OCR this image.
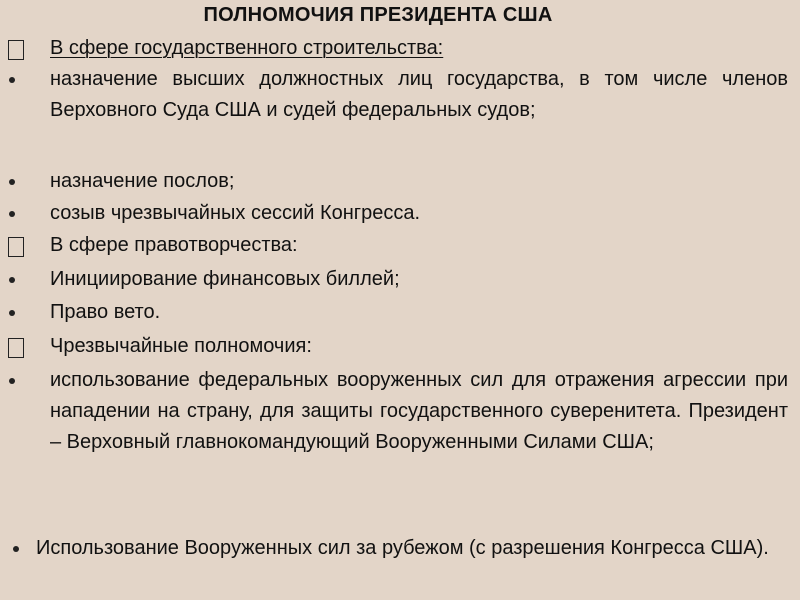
ПОЛНОМОЧИЯ ПРЕЗИДЕНТА США
В сфере государственного строительства:
назначение высших должностных лиц государства, в том числе членов Верховного Суда США и судей федеральных судов;
назначение послов;
созыв чрезвычайных сессий Конгресса.
В сфере правотворчества:
Инициирование финансовых биллей;
Право вето.
Чрезвычайные полномочия:
использование федеральных вооруженных сил для отражения агрессии при нападении на страну, для защиты государственного суверенитета. Президент – Верховный главнокомандующий Вооруженными Силами США;
Использование Вооруженных сил за рубежом (с разрешения Конгресса США).
